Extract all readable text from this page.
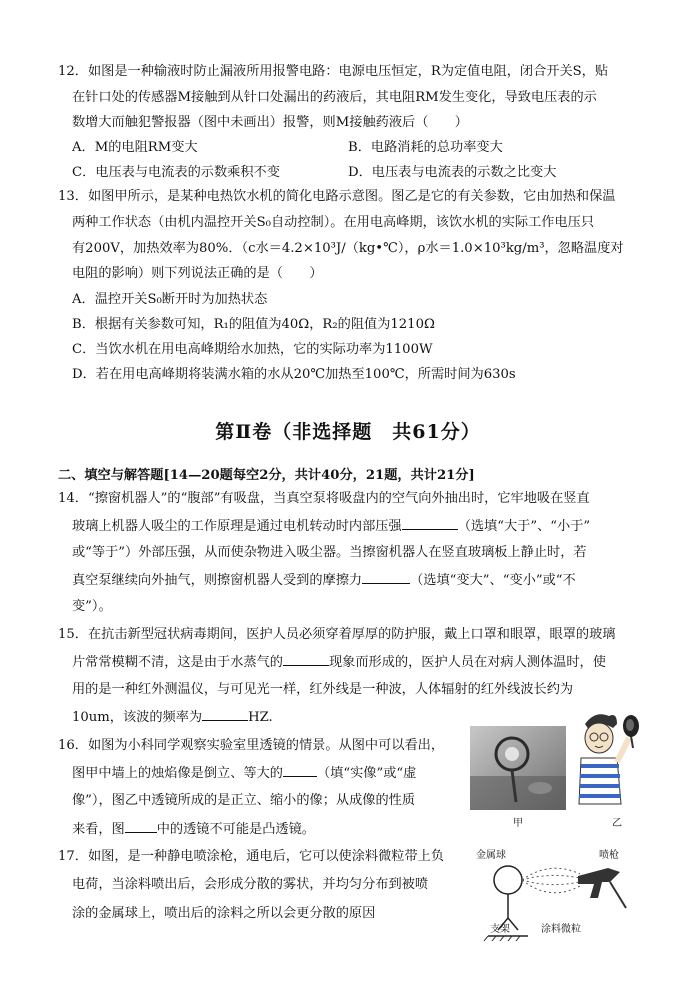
12．如图是一种输液时防止漏液所用报警电路：电源电压恒定，R为定值电阻，闭合开关S，贴
在针口处的传感器M接触到从针口处漏出的药液后，其电阻RM发生变化，导致电压表的示
数增大而触犯警报器（图中未画出）报警，则M接触药液后（　　）
A．M的电阻RM变大	B．电路消耗的总功率变大
C．电压表与电流表的示数乘积不变	D．电压表与电流表的示数之比变大
13．如图甲所示，是某种电热饮水机的简化电路示意图。图乙是它的有关参数，它由加热和保温
两种工作状态（由机内温控开关S₀自动控制）。在用电高峰期，该饮水机的实际工作电压只
有200V，加热效率为80%．（c水＝4.2×10³J/（kg•℃），ρ水＝1.0×10³kg/m³，忽略温度对
电阻的影响）则下列说法正确的是（　　）
A．温控开关S₀断开时为加热状态
B．根据有关参数可知，R₁的阻值为40Ω，R₂的阻值为1210Ω
C．当饮水机在用电高峰期给水加热，它的实际功率为1100W
D．若在用电高峰期将装满水箱的水从20℃加热至100℃，所需时间为630s
第Ⅱ卷（非选择题　共61分）
二、填空与解答题[14—20题每空2分，共计40分，21题，共计21分]
14．“擦窗机器人”的“腹部”有吸盘，当真空泵将吸盘内的空气向外抽出时，它牢地吸在竖直
玻璃上机器人吸尘的工作原理是通过电机转动时内部压强	（选填“大于”、“小于”
或“等于”）外部压强，从而使杂物进入吸尘器。当擦窗机器人在竖直玻璃板上静止时，若
真空泵继续向外抽气，则擦窗机器人受到的摩擦力	（选填“变大”、“变小”或“不
变”）。
15．在抗击新型冠状病毒期间，医护人员必须穿着厚厚的防护服，戴上口罩和眼罩，眼罩的玻璃
片常常模糊不清，这是由于水蒸气的	现象而形成的，医护人员在对病人测体温时，使
用的是一种红外测温仪，与可见光一样，红外线是一种波，人体辐射的红外线波长约为
10um，该波的频率为	HZ.
16．如图为小科同学观察实验室里透镜的情景。从图中可以看出，
图甲中墙上的烛焰像是倒立、等大的	（填“实像”或“虚
像”），图乙中透镜所成的是正立、缩小的像；从成像的性质
来看，图 中的透镜不可能是凸透镜。	甲	乙
17．如图，是一种静电喷涂枪，通电后，它可以使涂料微粒带上负
电荷，当涂料喷出后，会形成分散的雾状，并均匀分布到被喷
涂的金属球上，喷出后的涂料之所以会更分散的原因
金属球	喷枪
支架	涂料微粒
